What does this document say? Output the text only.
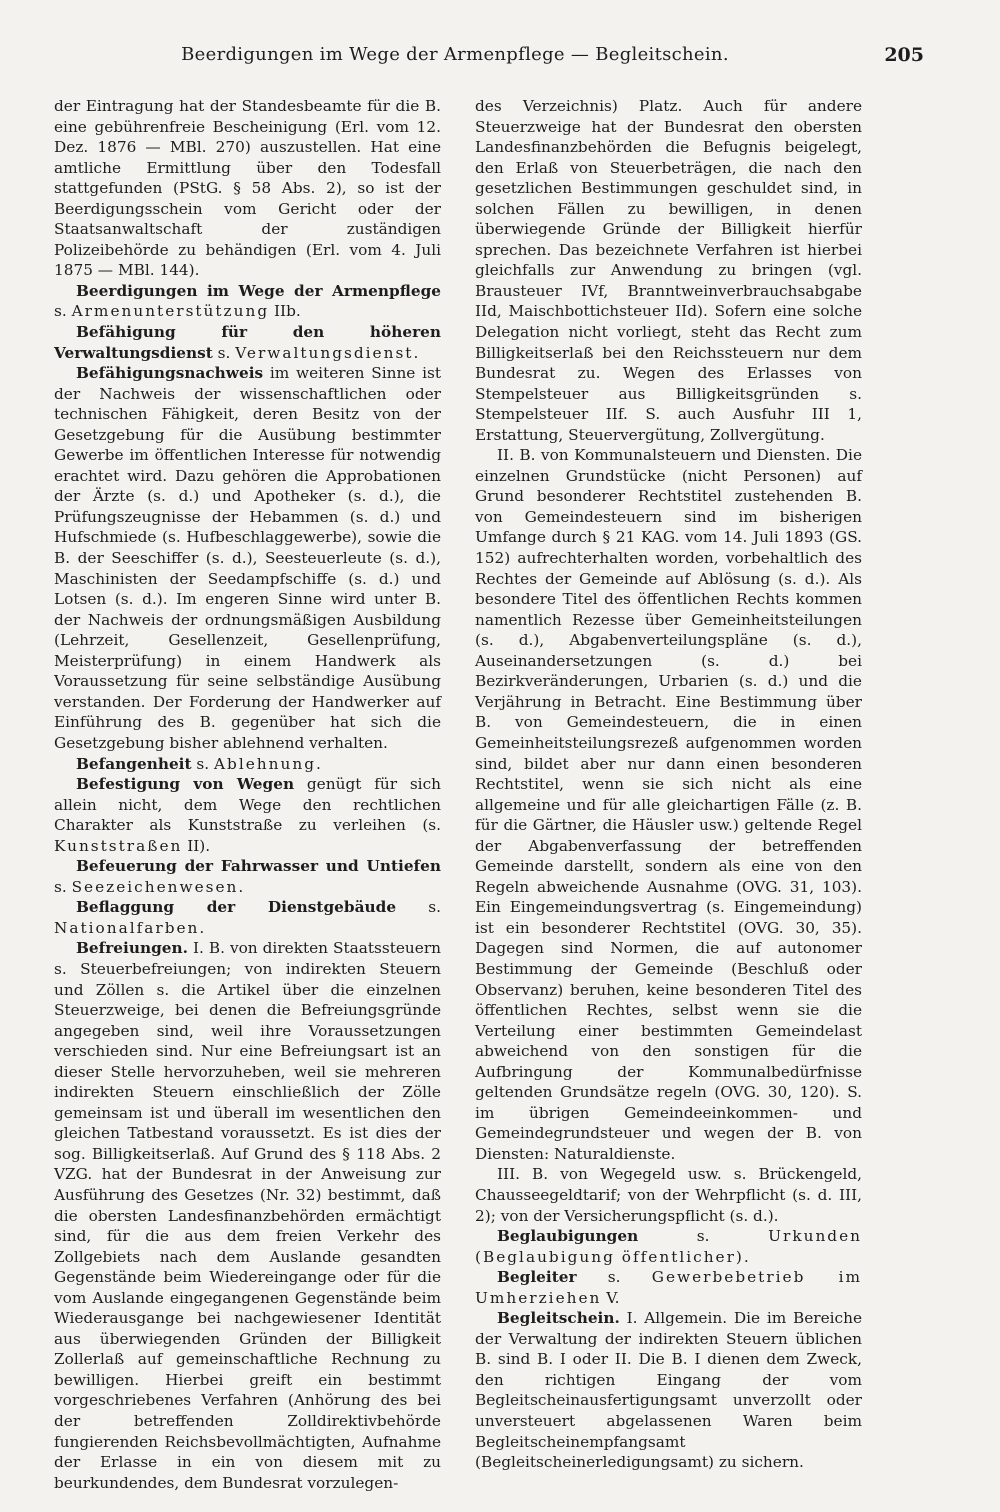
Beerdigungen im Wege der Armenpflege — Begleitschein.	205

der Eintragung hat der Standesbeamte für die B. eine gebührenfreie Bescheinigung (Erl. vom 12. Dez. 1876 — MBl. 270) auszustellen. Hat eine amtliche Ermittlung über den Todesfall stattgefunden (PStG. § 58 Abs. 2), so ist der Beerdigungsschein vom Gericht oder der Staatsanwaltschaft der zuständigen Polizeibehörde zu behändigen (Erl. vom 4. Juli 1875 — MBl. 144).

Beerdigungen im Wege der Armenpflege s. Armenunterstützung IIb.

Befähigung für den höheren Verwaltungsdienst s. Verwaltungsdienst.

Befähigungsnachweis im weiteren Sinne ist der Nachweis der wissenschaftlichen oder technischen Fähigkeit, deren Besitz von der Gesetzgebung für die Ausübung bestimmter Gewerbe im öffentlichen Interesse für notwendig erachtet wird. Dazu gehören die Approbationen der Ärzte (s. d.) und Apotheker (s. d.), die Prüfungszeugnisse der Hebammen (s. d.) und Hufschmiede (s. Hufbeschlaggewerbe), sowie die B. der Seeschiffer (s. d.), Seesteuerleute (s. d.), Maschinisten der Seedampfschiffe (s. d.) und Lotsen (s. d.). Im engeren Sinne wird unter B. der Nachweis der ordnungsmäßigen Ausbildung (Lehrzeit, Gesellenzeit, Gesellenprüfung, Meisterprüfung) in einem Handwerk als Voraussetzung für seine selbständige Ausübung verstanden. Der Forderung der Handwerker auf Einführung des B. gegenüber hat sich die Gesetzgebung bisher ablehnend verhalten.

Befangenheit s. Ablehnung.

Befestigung von Wegen genügt für sich allein nicht, dem Wege den rechtlichen Charakter als Kunststraße zu verleihen (s. Kunststraßen II).

Befeuerung der Fahrwasser und Untiefen s. Seezeichenwesen.

Beflaggung der Dienstgebäude s. Nationalfarben.

Befreiungen. I. B. von direkten Staatssteuern s. Steuerbefreiungen; von indirekten Steuern und Zöllen s. die Artikel über die einzelnen Steuerzweige, bei denen die Befreiungsgründe angegeben sind, weil ihre Voraussetzungen verschieden sind. Nur eine Befreiungsart ist an dieser Stelle hervorzuheben, weil sie mehreren indirekten Steuern einschließlich der Zölle gemeinsam ist und überall im wesentlichen den gleichen Tatbestand voraussetzt. Es ist dies der sog. Billigkeitserlaß. Auf Grund des § 118 Abs. 2 VZG. hat der Bundesrat in der Anweisung zur Ausführung des Gesetzes (Nr. 32) bestimmt, daß die obersten Landesfinanzbehörden ermächtigt sind, für die aus dem freien Verkehr des Zollgebiets nach dem Auslande gesandten Gegenstände beim Wiedereingange oder für die vom Auslande eingegangenen Gegenstände beim Wiederausgange bei nachgewiesener Identität aus überwiegenden Gründen der Billigkeit Zollerlaß auf gemeinschaftliche Rechnung zu bewilligen. Hierbei greift ein bestimmt vorgeschriebenes Verfahren (Anhörung des bei der betreffenden Zolldirektivbehörde fungierenden Reichsbevollmächtigten, Aufnahme der Erlasse in ein von diesem mit zu beurkundendes, dem Bundesrat vorzulegen-

des Verzeichnis) Platz. Auch für andere Steuerzweige hat der Bundesrat den obersten Landesfinanzbehörden die Befugnis beigelegt, den Erlaß von Steuerbeträgen, die nach den gesetzlichen Bestimmungen geschuldet sind, in solchen Fällen zu bewilligen, in denen überwiegende Gründe der Billigkeit hierfür sprechen. Das bezeichnete Verfahren ist hierbei gleichfalls zur Anwendung zu bringen (vgl. Brausteuer IVf, Branntweinverbrauchsabgabe IId, Maischbottichsteuer IId). Sofern eine solche Delegation nicht vorliegt, steht das Recht zum Billigkeitserlaß bei den Reichssteuern nur dem Bundesrat zu. Wegen des Erlasses von Stempelsteuer aus Billigkeitsgründen s. Stempelsteuer IIf. S. auch Ausfuhr III 1, Erstattung, Steuervergütung, Zollvergütung.

II. B. von Kommunalsteuern und Diensten. Die einzelnen Grundstücke (nicht Personen) auf Grund besonderer Rechtstitel zustehenden B. von Gemeindesteuern sind im bisherigen Umfange durch § 21 KAG. vom 14. Juli 1893 (GS. 152) aufrechterhalten worden, vorbehaltlich des Rechtes der Gemeinde auf Ablösung (s. d.). Als besondere Titel des öffentlichen Rechts kommen namentlich Rezesse über Gemeinheitsteilungen (s. d.), Abgabenverteilungspläne (s. d.), Auseinandersetzungen (s. d.) bei Bezirkveränderungen, Urbarien (s. d.) und die Verjährung in Betracht. Eine Bestimmung über B. von Gemeindesteuern, die in einen Gemeinheitsteilungsrezeß aufgenommen worden sind, bildet aber nur dann einen besonderen Rechtstitel, wenn sie sich nicht als eine allgemeine und für alle gleichartigen Fälle (z. B. für die Gärtner, die Häusler usw.) geltende Regel der Abgabenverfassung der betreffenden Gemeinde darstellt, sondern als eine von den Regeln abweichende Ausnahme (OVG. 31, 103). Ein Eingemeindungsvertrag (s. Eingemeindung) ist ein besonderer Rechtstitel (OVG. 30, 35). Dagegen sind Normen, die auf autonomer Bestimmung der Gemeinde (Beschluß oder Observanz) beruhen, keine besonderen Titel des öffentlichen Rechtes, selbst wenn sie die Verteilung einer bestimmten Gemeindelast abweichend von den sonstigen für die Aufbringung der Kommunalbedürfnisse geltenden Grundsätze regeln (OVG. 30, 120). S. im übrigen Gemeindeeinkommen- und Gemeindegrundsteuer und wegen der B. von Diensten: Naturaldienste.

III. B. von Wegegeld usw. s. Brückengeld, Chausseegeldtarif; von der Wehrpflicht (s. d. III, 2); von der Versicherungspflicht (s. d.).

Beglaubigungen s. Urkunden (Beglaubigung öffentlicher).

Begleiter s. Gewerbebetrieb im Umherziehen V.

Begleitschein. I. Allgemein. Die im Bereiche der Verwaltung der indirekten Steuern üblichen B. sind B. I oder II. Die B. I dienen dem Zweck, den richtigen Eingang der vom Begleitscheinausfertigungsamt unverzollt oder unversteuert abgelassenen Waren beim Begleitscheinempfangsamt (Begleitscheinerledigungsamt) zu sichern.
